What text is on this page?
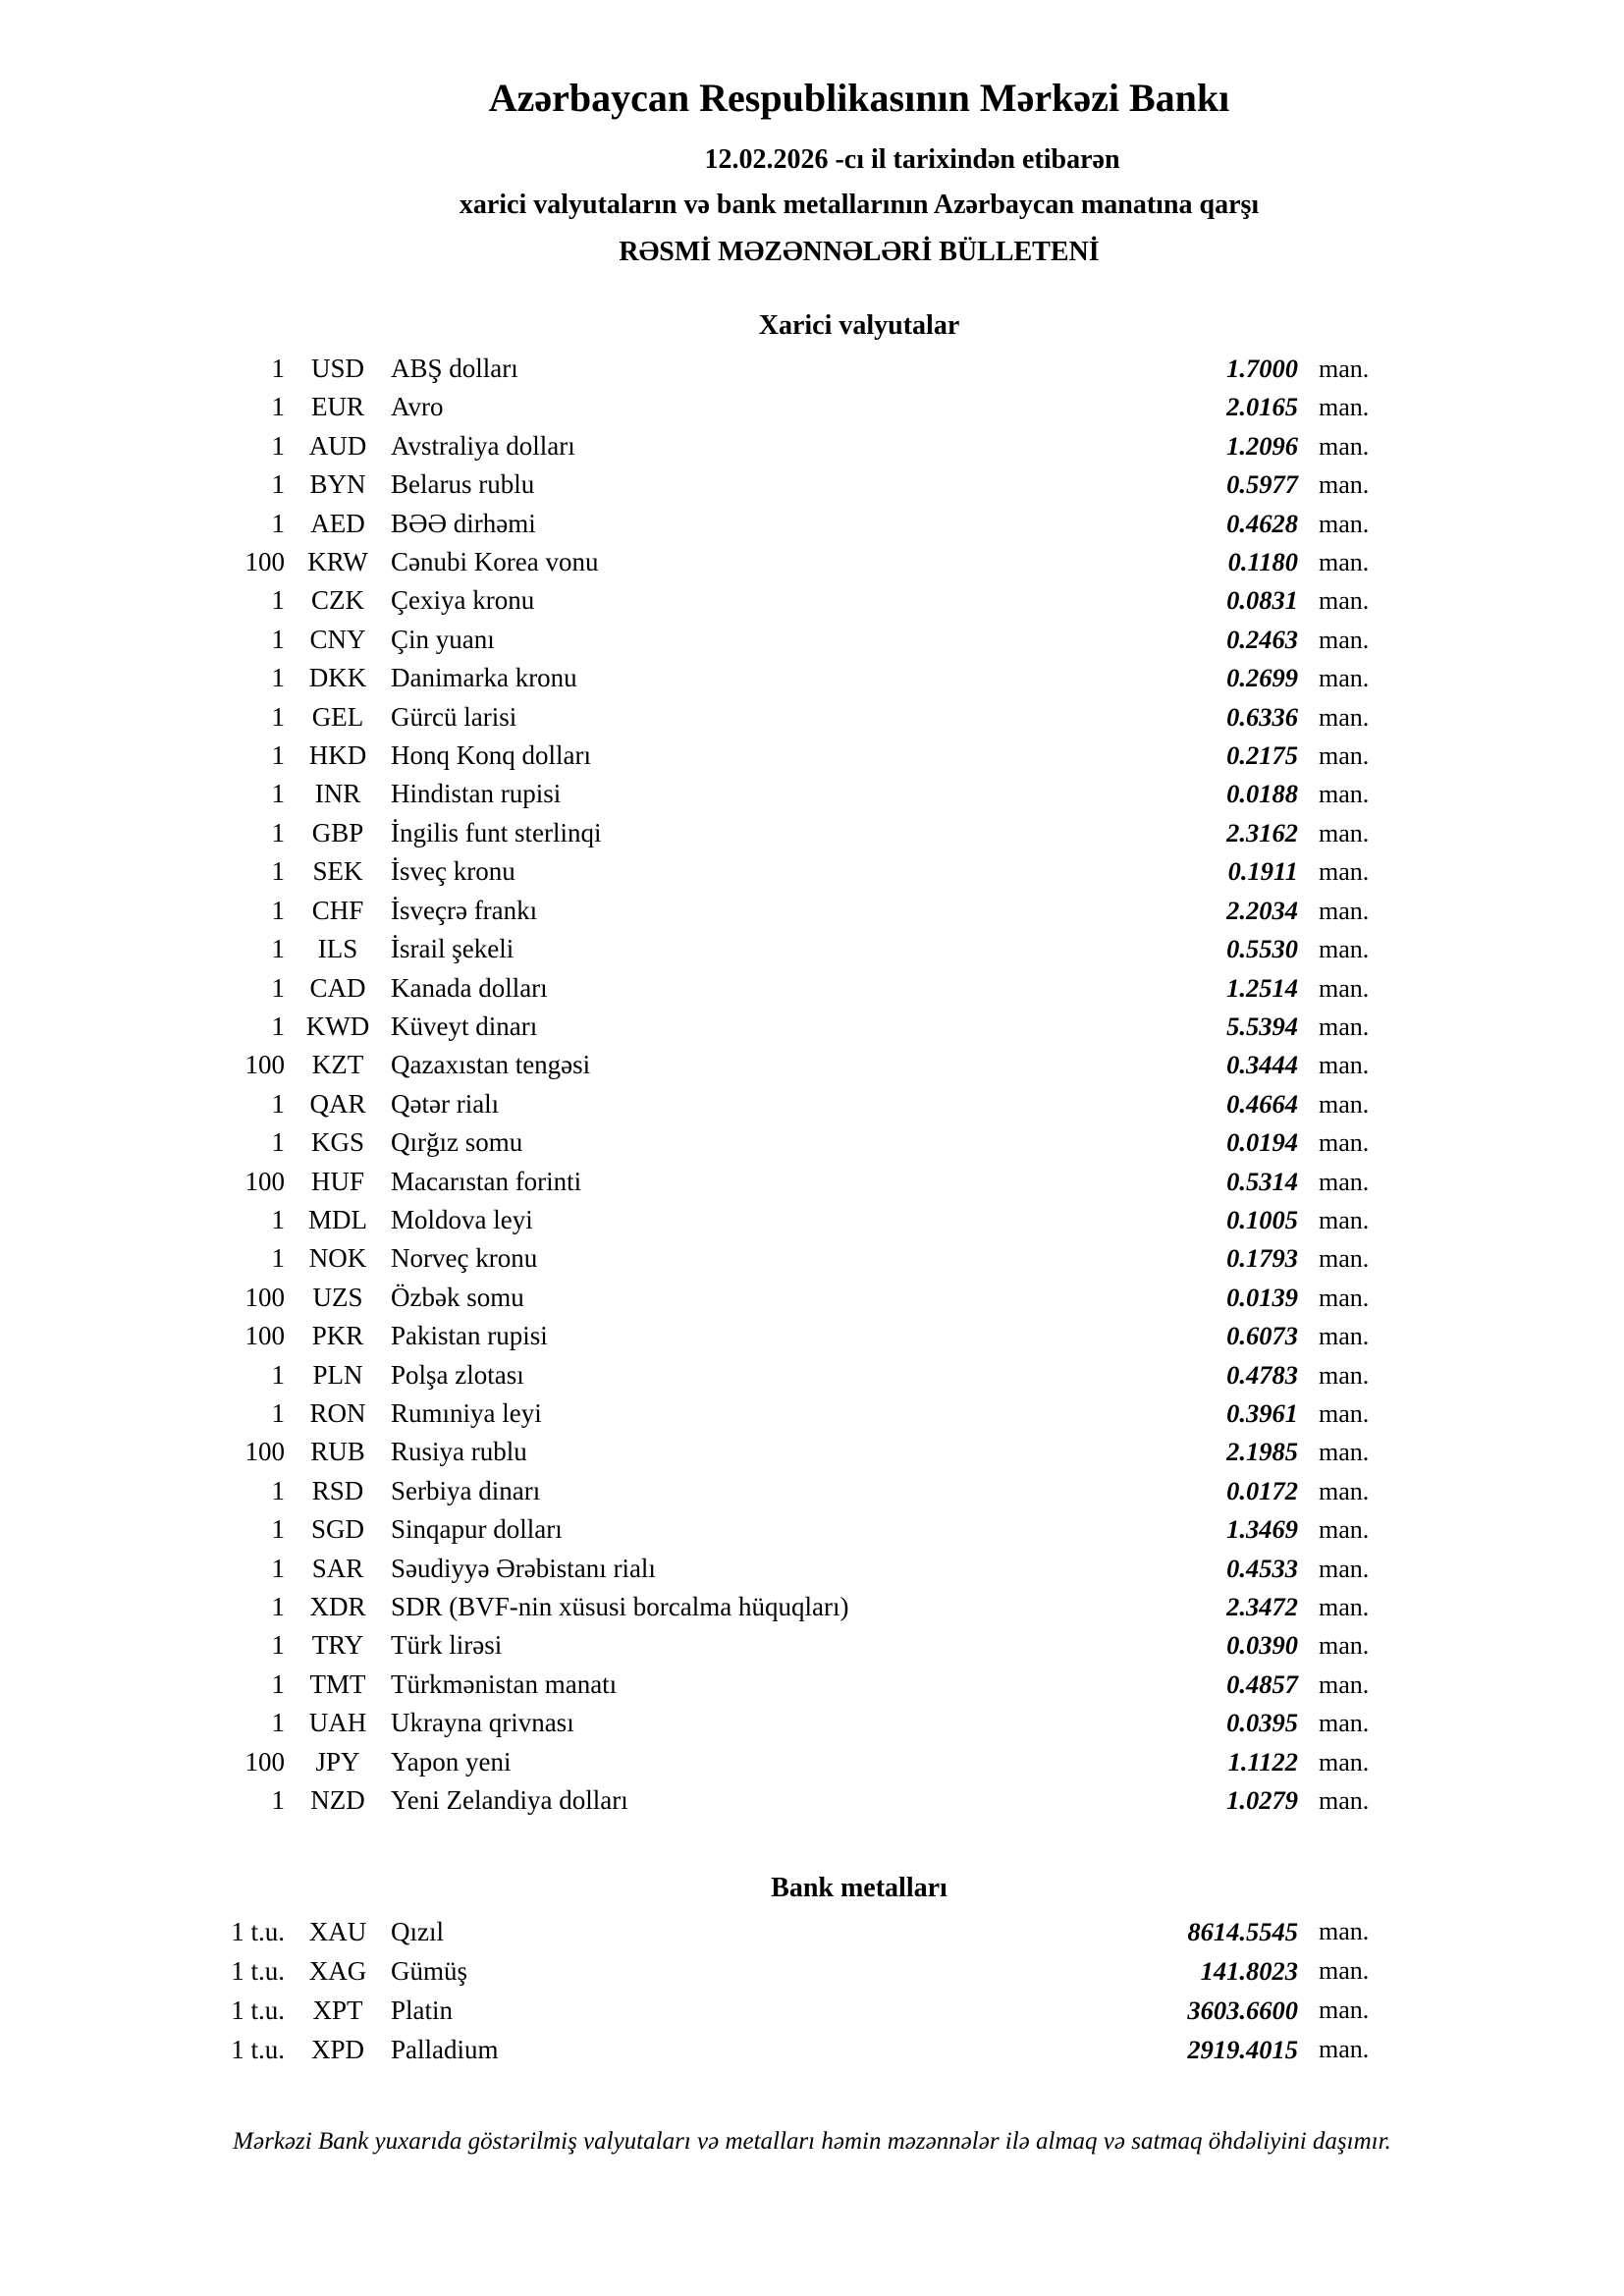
Azərbaycan Respublikasının Mərkəzi Bankı
12.02.2026 -cı il tarixindən etibarən
xarici valyutaların və bank metallarının Azərbaycan manatına qarşı
RƏSMİ MƏZƏNNƏLƏRİ BÜLLETENİ
Xarici valyutalar
1 USD	ABŞ dolları	1.7000 man.
1	EUR	Avro	2.0165 man.
1 AUD Avstraliya dolları	1.2096 man.
1 BYN Belarus rublu	0.5977 man.
1 AED BƏƏ dirhəmi	0.4628 man.
100 KRW Cənubi Korea vonu	0.1180 man.
1	CZK	Çexiya kronu	0.0831 man.
1 CNY Çin yuanı	0.2463 man.
1 DKK Danimarka kronu	0.2699 man.
1	GEL	Gürcü larisi	0.6336 man.
1 HKD Honq Konq dolları	0.2175 man.
1	INR	Hindistan rupisi	0.0188 man.
1	GBP	İngilis funt sterlinqi	2.3162 man.
1	SEK	İsveç kronu	0.1911 man.
1	CHF	İsveçrə frankı	2.2034 man.
1	ILS	İsrail şekeli	0.5530 man.
1 CAD Kanada dolları	1.2514 man.
1 KWD Küveyt dinarı	5.5394 man.
100	KZT	Qazaxıstan tengəsi	0.3444 man.
1 QAR Qətər rialı	0.4664 man.
1 KGS	Qırğız somu	0.0194 man.
100 HUF	Macarıstan forinti	0.5314 man.
1 MDL Moldova leyi	0.1005 man.
1 NOK Norveç kronu	0.1793 man.
100	UZS	Özbək somu	0.0139 man.
100	PKR	Pakistan rupisi	0.6073 man.
1	PLN	Polşa zlotası	0.4783 man.
1 RON Rumıniya leyi	0.3961 man.
100 RUB Rusiya rublu	2.1985 man.
1	RSD	Serbiya dinarı	0.0172 man.
1 SGD	Sinqapur dolları	1.3469 man.
1	SAR	Səudiyyə Ərəbistanı rialı	0.4533 man.
1 XDR SDR (BVF-nin xüsusi borcalma hüquqları)	2.3472 man.
1	TRY	Türk lirəsi	0.0390 man.
1 TMT Türkmənistan manatı	0.4857 man.
1 UAH Ukrayna qrivnası	0.0395 man.
100	JPY	Yapon yeni	1.1122 man.
1 NZD Yeni Zelandiya dolları	1.0279 man.
Bank metalları
1 t.u. XAU Qızıl	8614.5545 man.
1 t.u. XAG Gümüş	141.8023 man.
1 t.u.	XPT	Platin	3603.6600 man.
1 t.u. XPD	Palladium	2919.4015 man.
Mərkəzi Bank yuxarıda göstərilmiş valyutaları və metalları həmin məzənnələr ilə almaq və satmaq öhdəliyini daşımır.
